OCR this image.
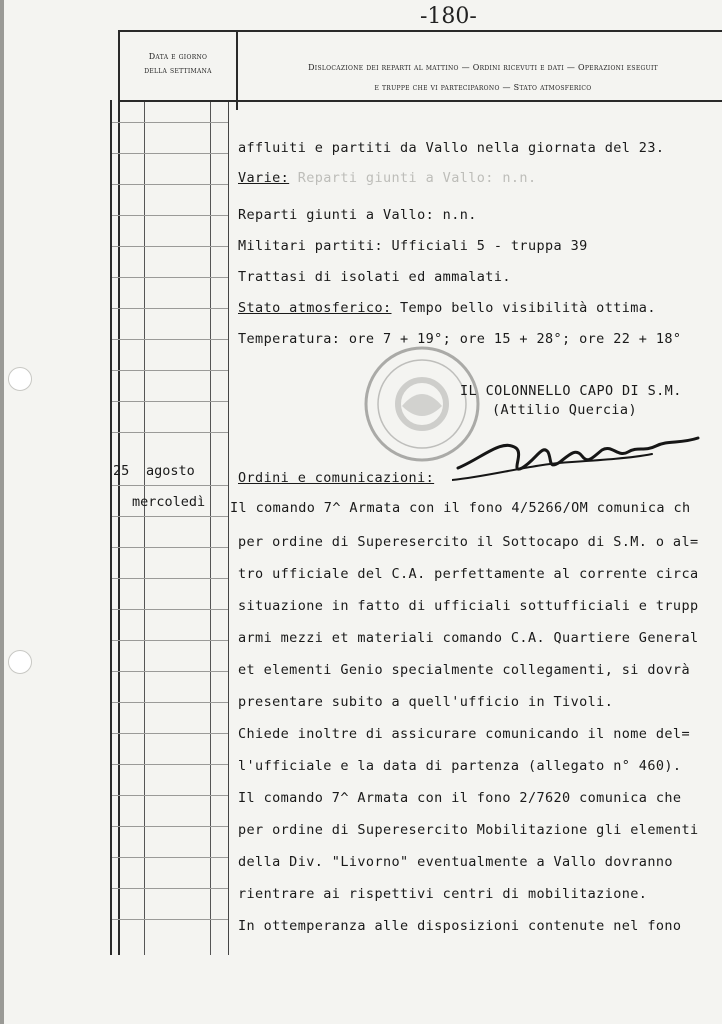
-180-
Data e giorno
della settimana	Dislocazione dei reparti al mattino — Ordini ricevuti e dati — Operazioni eseguit
e truppe che vi parteciparono — Stato atmosferico
affluiti e partiti da Vallo nella giornata del 23.
Varie: Reparti giunti a Vallo: n.n.
Reparti giunti a Vallo: n.n.
Militari partiti: Ufficiali 5 - truppa 39
Trattasi di isolati ed ammalati.
Stato atmosferico: Tempo bello visibilità ottima.
Temperatura: ore 7 + 19°; ore 15 + 28°; ore 22 + 18°
IL COLONNELLO CAPO DI S.M.
(Attilio Quercia)
25 agosto
mercoledì
Ordini e comunicazioni:
Il comando 7^ Armata con il fono 4/5266/OM comunica ch
per ordine di Superesercito il Sottocapo di S.M. o al=
tro ufficiale del C.A. perfettamente al corrente circa
situazione in fatto di ufficiali sottufficiali e trupp
armi mezzi et materiali comando C.A. Quartiere General
et elementi Genio specialmente collegamenti, si dovrà
presentare subito a quell'ufficio in Tivoli.
Chiede inoltre di assicurare comunicando il nome del=
l'ufficiale e la data di partenza (allegato n° 460).
Il comando 7^ Armata con il fono 2/7620 comunica che
per ordine di Superesercito Mobilitazione gli elementi
della Div. "Livorno" eventualmente a Vallo dovranno
rientrare ai rispettivi centri di mobilitazione.
In ottemperanza alle disposizioni contenute nel fono
